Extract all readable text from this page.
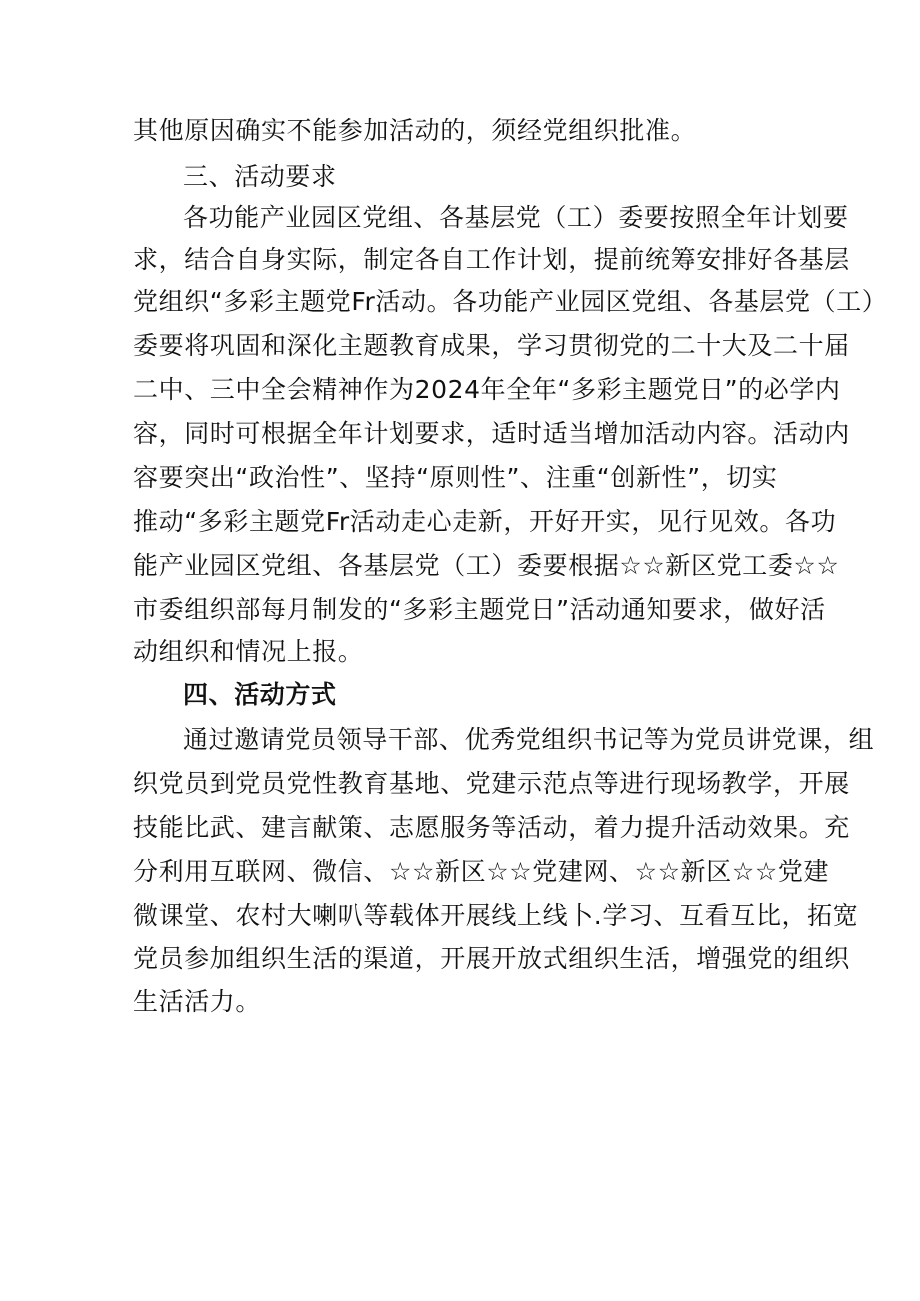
其他原因确实不能参加活动的，须经党组织批准。
三、活动要求
各功能产业园区党组、各基层党（工）委要按照全年计划要
求，结合自身实际，制定各自工作计划，提前统筹安排好各基层
党组织“多彩主题党Fr活动。各功能产业园区党组、各基层党（工）
委要将巩固和深化主题教育成果，学习贯彻党的二十大及二十届
二中、三中全会精神作为2024年全年“多彩主题党日”的必学内
容，同时可根据全年计划要求，适时适当增加活动内容。活动内
容要突出“政治性”、坚持“原则性”、注重“创新性”，切实
推动“多彩主题党Fr活动走心走新，开好开实，见行见效。各功
能产业园区党组、各基层党（工）委要根据☆☆新区党工委☆☆
市委组织部每月制发的“多彩主题党日”活动通知要求，做好活
动组织和情况上报。
四、活动方式
通过邀请党员领导干部、优秀党组织书记等为党员讲党课，组
织党员到党员党性教育基地、党建示范点等进行现场教学，开展
技能比武、建言献策、志愿服务等活动，着力提升活动效果。充
分利用互联网、微信、☆☆新区☆☆党建网、☆☆新区☆☆党建
微课堂、农村大喇叭等载体开展线上线卜.学习、互看互比，拓宽
党员参加组织生活的渠道，开展开放式组织生活，增强党的组织
生活活力。
